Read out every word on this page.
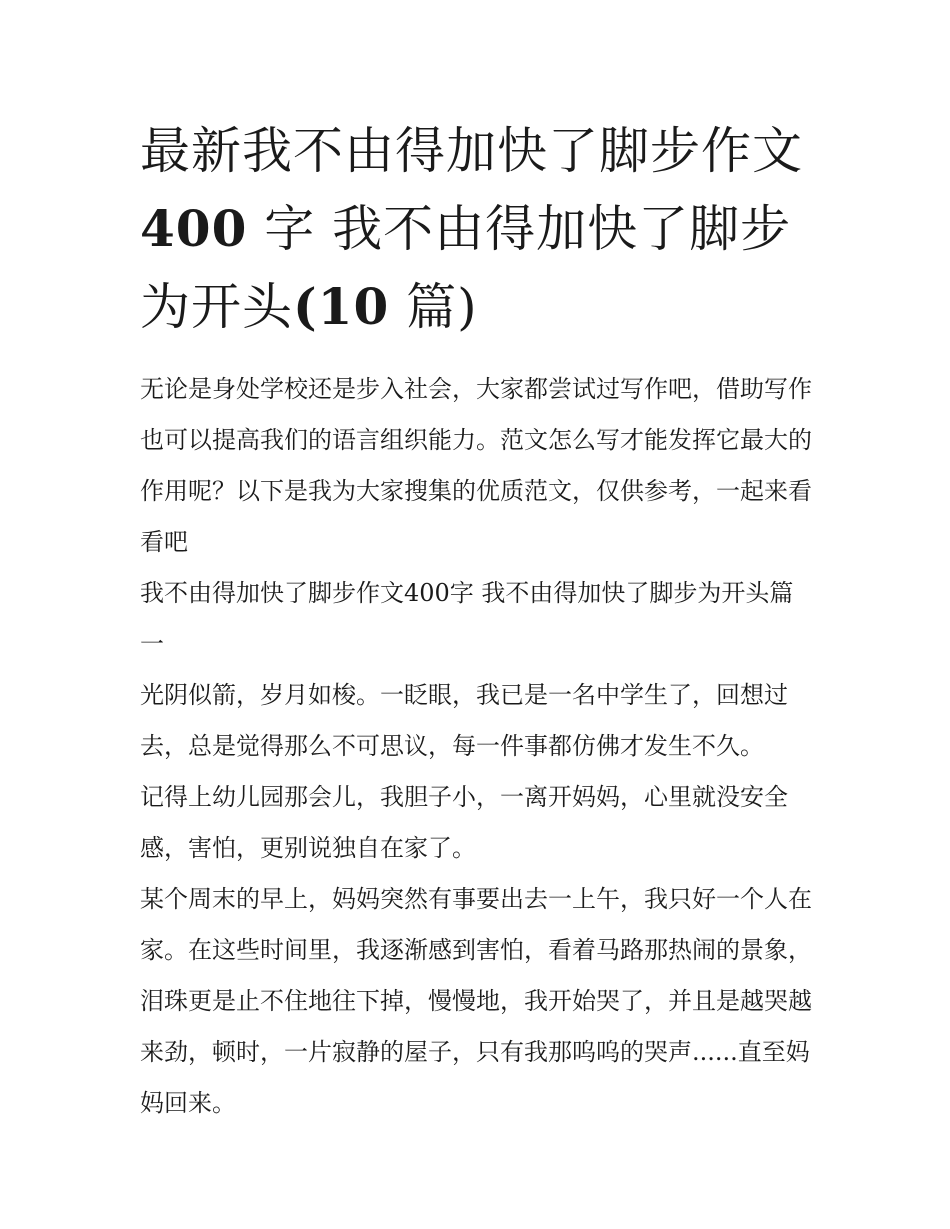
最新我不由得加快了脚步作文400 字 我不由得加快了脚步为开头(10 篇)

无论是身处学校还是步入社会，大家都尝试过写作吧，借助写作也可以提高我们的语言组织能力。范文怎么写才能发挥它最大的作用呢？以下是我为大家搜集的优质范文，仅供参考，一起来看看吧

我不由得加快了脚步作文400字 我不由得加快了脚步为开头篇一

光阴似箭，岁月如梭。一眨眼，我已是一名中学生了，回想过去，总是觉得那么不可思议，每一件事都仿佛才发生不久。

记得上幼儿园那会儿，我胆子小，一离开妈妈，心里就没安全感，害怕，更别说独自在家了。

某个周末的早上，妈妈突然有事要出去一上午，我只好一个人在家。在这些时间里，我逐渐感到害怕，看着马路那热闹的景象，泪珠更是止不住地往下掉，慢慢地，我开始哭了，并且是越哭越来劲，顿时，一片寂静的屋子，只有我那呜呜的哭声......直至妈妈回来。
